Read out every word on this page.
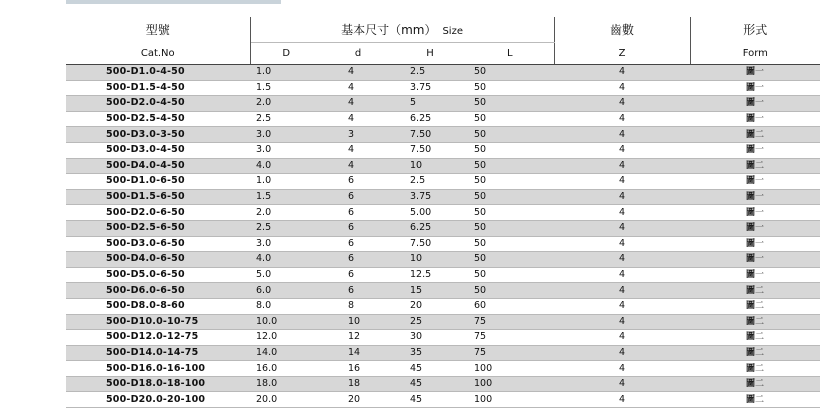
型號	基本尺寸（mm） Size				齒數	形式
Cat.No	D	d	H	L	Z	Form
500-D1.0-4-50	1.0	4	2.5	50	4	圖一
500-D1.5-4-50	1.5	4	3.75	50	4	圖一
500-D2.0-4-50	2.0	4	5	50	4	圖一
500-D2.5-4-50	2.5	4	6.25	50	4	圖一
500-D3.0-3-50	3.0	3	7.50	50	4	圖二
500-D3.0-4-50	3.0	4	7.50	50	4	圖一
500-D4.0-4-50	4.0	4	10	50	4	圖二
500-D1.0-6-50	1.0	6	2.5	50	4	圖一
500-D1.5-6-50	1.5	6	3.75	50	4	圖一
500-D2.0-6-50	2.0	6	5.00	50	4	圖一
500-D2.5-6-50	2.5	6	6.25	50	4	圖一
500-D3.0-6-50	3.0	6	7.50	50	4	圖一
500-D4.0-6-50	4.0	6	10	50	4	圖一
500-D5.0-6-50	5.0	6	12.5	50	4	圖一
500-D6.0-6-50	6.0	6	15	50	4	圖二
500-D8.0-8-60	8.0	8	20	60	4	圖二
500-D10.0-10-75	10.0	10	25	75	4	圖二
500-D12.0-12-75	12.0	12	30	75	4	圖二
500-D14.0-14-75	14.0	14	35	75	4	圖二
500-D16.0-16-100	16.0	16	45	100	4	圖二
500-D18.0-18-100	18.0	18	45	100	4	圖二
500-D20.0-20-100	20.0	20	45	100	4	圖二
